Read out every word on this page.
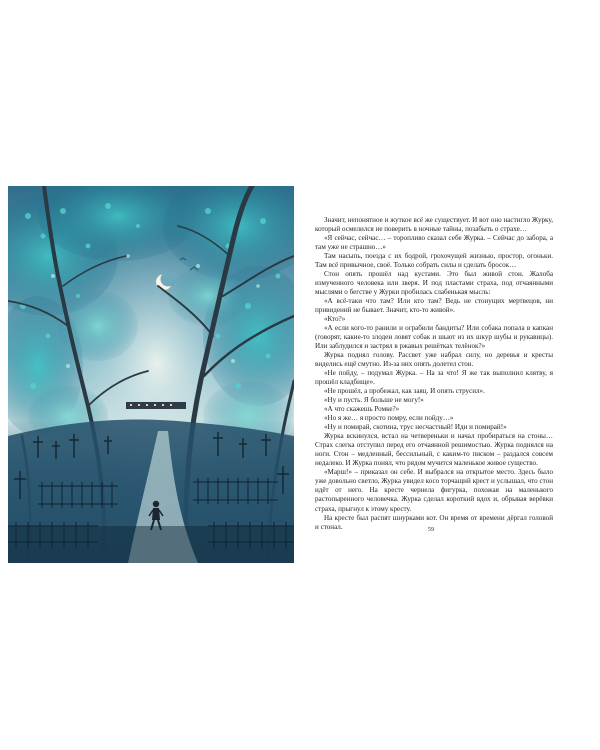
Значит, непонятное и жуткое всё же существует. И вот оно настигло Журку, который осмелился не поверить в ночные тайны, позабыть о страхе…

«Я сейчас, сейчас… – торопливо сказал себе Журка. – Сейчас до забора, а там уже не страшно…»

Там насыпь, поезда с их бодрой, грохочущей жизнью, простор, огоньки. Там всё привычное, своё. Только собрать силы и сделать бросок…

Стон опять прошёл над кустами. Это был живой стон. Жалоба измученного человека или зверя. И под пластами страха, под отчаянными мыслями о бегстве у Журки пробилась слабенькая мысль:

«А всё-таки что там? Или кто там? Ведь не стонущих мертвецов, ни привидений не бывает. Значит, кто-то живой».

«Кто?»

«А если кого-то ранили и ограбили бандиты? Или собака попала в капкан (говорят, какие-то злодеи ловят собак и шьют из их шкур шубы и рукавицы). Или заблудился и застрял в ржавых решётках телёнок?»

Журка поднял голову. Рассвет уже набрал силу, но деревья и кресты виделись ещё смутно. Из-за них опять долетел стон.

«Не пойду, – подумал Журка. – На за что! Я же так выполнил клятву, я прошёл кладбище».

«Не прошёл, а пробежал, как заяц. И опять струсил».

«Ну и пусть. Я больше не могу!»

«А что скажешь Ромке?»

«Но я же… я просто помру, если пойду…»

«Ну и помирай, скотина, трус несчастный! Иди и помирай!»

Журка вскинулся, встал на четвереньки и начал пробираться на стоны… Страх слегка отступил перед его отчаянной решимостью. Журка поднялся на ноги. Стон – медленный, бессильный, с каким-то писком – раздался совсем недалеко. И Журка понял, что рядом мучится маленькое живое существо.

«Марш!» – приказал он себе. И выбрался на открытое место. Здесь было уже довольно светло, Журка увидел косо торчащий крест и услышал, что стон идёт от него. На кресте чернела фигурка, похожая на маленького растопыренного человечка. Журка сделал короткий вдох и, обрывая верёвки страха, прыгнул к этому кресту.

На кресте был распят шнурками кот. Он время от времени дёргал головой и стонал.	59
